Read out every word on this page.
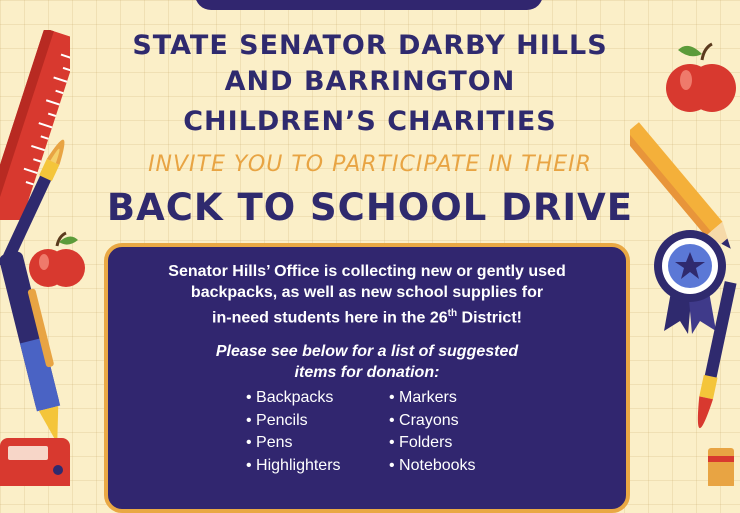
STATE SENATOR DARBY HILLS
AND BARRINGTON
CHILDREN’S CHARITIES
INVITE YOU TO PARTICIPATE IN THEIR
BACK TO SCHOOL DRIVE
Senator Hills’ Office is collecting new or gently used
backpacks, as well as new school supplies for
in-need students here in the 26th District!
Please see below for a list of suggested
items for donation:
• Backpacks
• Pencils
• Pens
• Highlighters
• Markers
• Crayons
• Folders
• Notebooks
